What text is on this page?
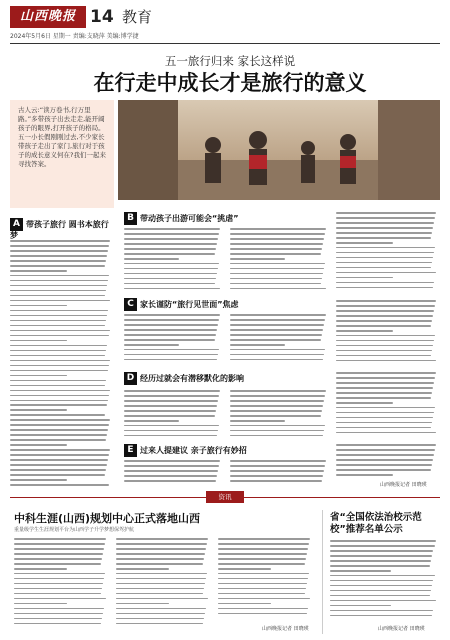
山西晚报 14 教育
2024年5月6日 星期一 责编:支晓萍 美编:博学捷
五一旅行归来 家长这样说
在行走中成长才是旅行的意义

古人云:“读万卷书,行万里路。”多带孩子出去走走,能开阔孩子的眼界,打开孩子的格局。五一小长假刚刚过去,不少家长带孩子走出了家门,旅行对于孩子的成长意义何在?我们一起来寻找答案。

A 带孩子旅行 圆书本旅行梦
B 带动孩子出游可能会“挑虐”
C 家长谨防“旅行见世面”焦虑
D 经历过就会有潜移默化的影响
E 过来人提建议 亲子旅行有妙招
山西晚报记者 田晓瑛
资讯
中科生涯(山西)规划中心正式落地山西
重量级学生生涯规划平台为山西学子升学梦想保驾护航
山西晚报记者 田晓瑛
省“全国依法治校示范校”推荐名单公示
山西晚报记者 田晓瑛
